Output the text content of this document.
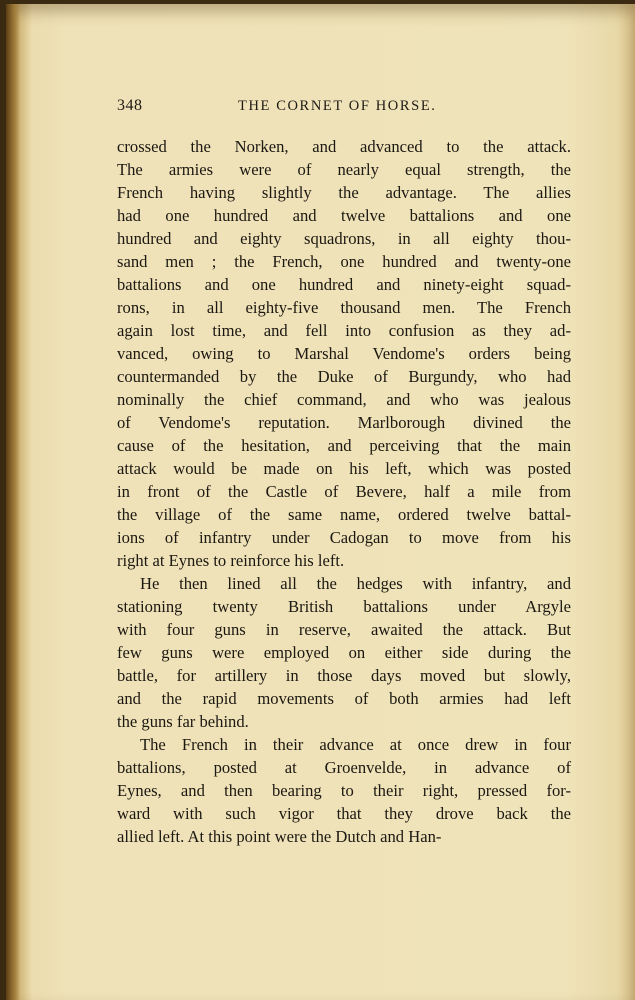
348	THE CORNET OF HORSE.
crossed the Norken, and advanced to the attack.
The armies were of nearly equal strength, the
French having slightly the advantage. The allies
had one hundred and twelve battalions and one
hundred and eighty squadrons, in all eighty thou-
sand men ; the French, one hundred and twenty-one
battalions and one hundred and ninety-eight squad-
rons, in all eighty-five thousand men. The French
again lost time, and fell into confusion as they ad-
vanced, owing to Marshal Vendome's orders being
countermanded by the Duke of Burgundy, who had
nominally the chief command, and who was jealous
of Vendome's reputation. Marlborough divined the
cause of the hesitation, and perceiving that the main
attack would be made on his left, which was posted
in front of the Castle of Bevere, half a mile from
the village of the same name, ordered twelve battal-
ions of infantry under Cadogan to move from his
right at Eynes to reinforce his left.
He then lined all the hedges with infantry, and
stationing twenty British battalions under Argyle
with four guns in reserve, awaited the attack. But
few guns were employed on either side during the
battle, for artillery in those days moved but slowly,
and the rapid movements of both armies had left
the guns far behind.
The French in their advance at once drew in four
battalions, posted at Groenvelde, in advance of
Eynes, and then bearing to their right, pressed for-
ward with such vigor that they drove back the
allied left. At this point were the Dutch and Han-
